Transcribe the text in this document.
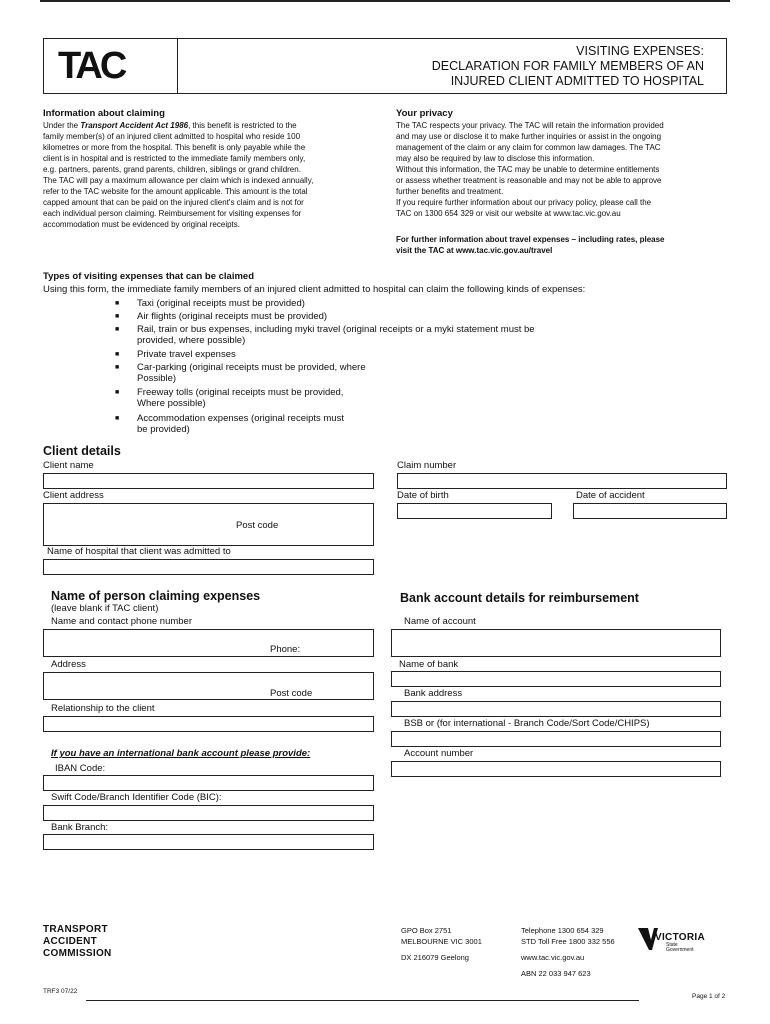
TAC	VISITING EXPENSES:
DECLARATION FOR FAMILY MEMBERS OF AN
INJURED CLIENT ADMITTED TO HOSPITAL
Information about claiming
Under the Transport Accident Act 1986, this benefit is restricted to the
family member(s) of an injured client admitted to hospital who reside 100
kilometres or more from the hospital. This benefit is only payable while the
client is in hospital and is restricted to the immediate family members only,
e.g. partners, parents, grand parents, children, siblings or grand children.
The TAC will pay a maximum allowance per claim which is indexed annually,
refer to the TAC website for the amount applicable. This amount is the total
capped amount that can be paid on the injured client's claim and is not for
each individual person claiming. Reimbursement for visiting expenses for
accommodation must be evidenced by original receipts.
Your privacy
The TAC respects your privacy. The TAC will retain the information provided
and may use or disclose it to make further inquiries or assist in the ongoing
management of the claim or any claim for common law damages. The TAC
may also be required by law to disclose this information.
Without this information, the TAC may be unable to determine entitlements
or assess whether treatment is reasonable and may not be able to approve
further benefits and treatment.
If you require further information about our privacy policy, please call the
TAC on 1300 654 329 or visit our website at www.tac.vic.gov.au
For further information about travel expenses – including rates, please
visit the TAC at www.tac.vic.gov.au/travel
Types of visiting expenses that can be claimed
Using this form, the immediate family members of an injured client admitted to hospital can claim the following kinds of expenses:
■ Taxi (original receipts must be provided)
■ Air flights (original receipts must be provided)
■ Rail, train or bus expenses, including myki travel (original receipts or a myki statement must be
provided, where possible)
■ Private travel expenses
■ Car-parking (original receipts must be provided, where
Possible)
■ Freeway tolls (original receipts must be provided,
Where possible)
■ Accommodation expenses (original receipts must
be provided)
Client details
Client name	Claim number
Client address
Post code
Date of birth	Date of accident
Name of hospital that client was admitted to
Name of person claiming expenses
(leave blank if TAC client)
Name and contact phone number
Phone:
Address
Post code
Relationship to the client
If you have an international bank account please provide:
IBAN Code:
Swift Code/Branch Identifier Code (BIC):
Bank Branch:
Bank account details for reimbursement
Name of account
Name of bank
Bank address
BSB or (for international - Branch Code/Sort Code/CHIPS)
Account number
TRANSPORT
ACCIDENT
COMMISSION
GPO Box 2751
MELBOURNE VIC 3001
DX 216079 Geelong
Telephone 1300 654 329
STD Toll Free 1800 332 556
www.tac.vic.gov.au
ABN 22 033 947 623
VICTORIA
State
Government
TRF3 07/22
Page 1 of 2
